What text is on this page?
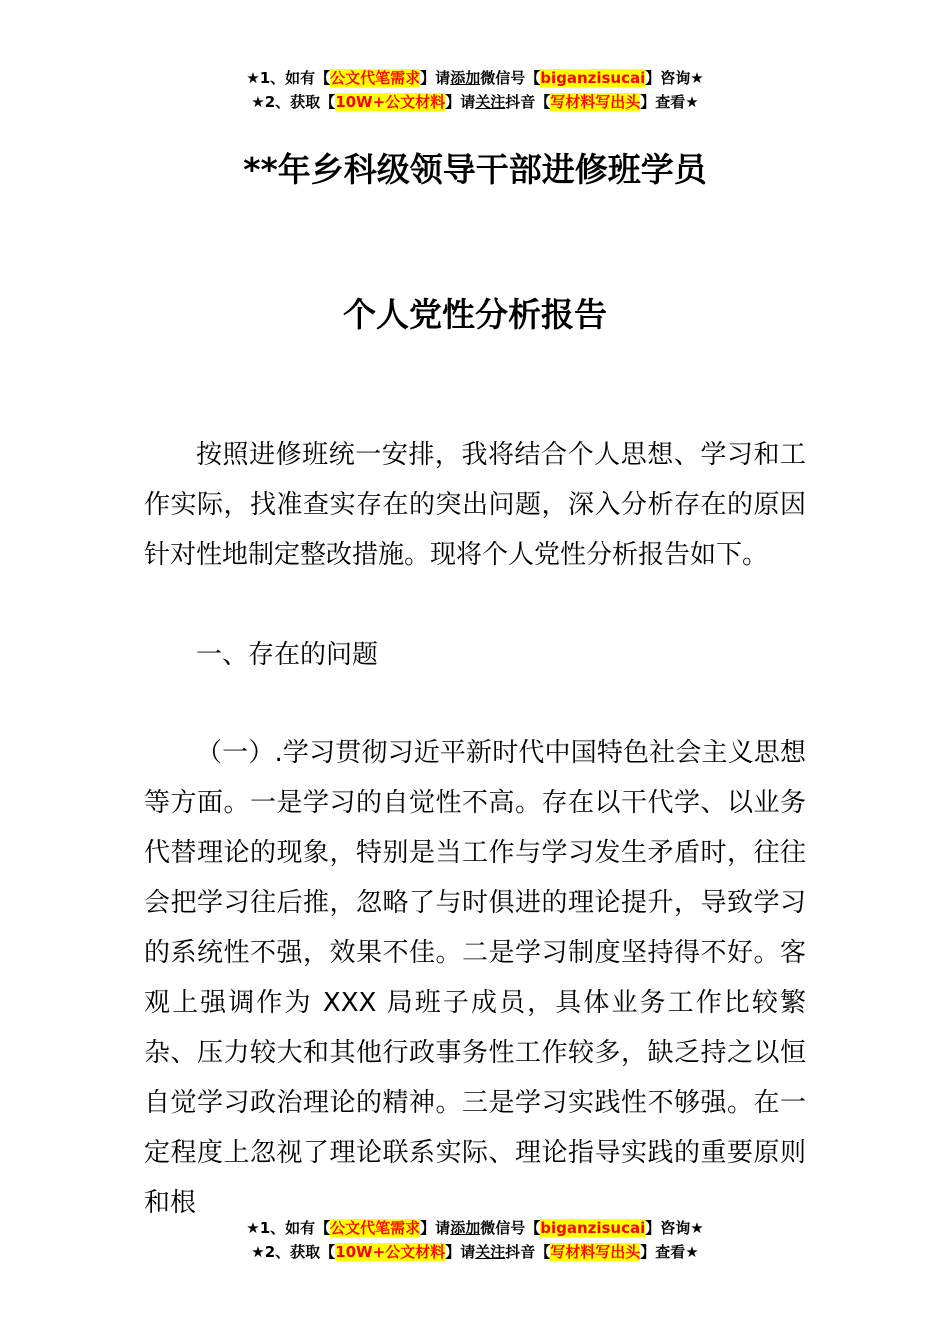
★1、如有【公文代笔需求】请添加微信号【biganzisucai】咨询★
★2、获取【10W+公文材料】请关注抖音【写材料写出头】查看★
**年乡科级领导干部进修班学员
个人党性分析报告

按照进修班统一安排，我将结合个人思想、学习和工作实际，找准查实存在的突出问题，深入分析存在的原因针对性地制定整改措施。现将个人党性分析报告如下。

一、存在的问题

（一）.学习贯彻习近平新时代中国特色社会主义思想等方面。一是学习的自觉性不高。存在以干代学、以业务代替理论的现象，特别是当工作与学习发生矛盾时，往往会把学习往后推，忽略了与时俱进的理论提升，导致学习的系统性不强，效果不佳。二是学习制度坚持得不好。客观上强调作为 XXX 局班子成员，具体业务工作比较繁杂、压力较大和其他行政事务性工作较多，缺乏持之以恒自觉学习政治理论的精神。三是学习实践性不够强。在一定程度上忽视了理论联系实际、理论指导实践的重要原则和根

★1、如有【公文代笔需求】请添加微信号【biganzisucai】咨询★
★2、获取【10W+公文材料】请关注抖音【写材料写出头】查看★
